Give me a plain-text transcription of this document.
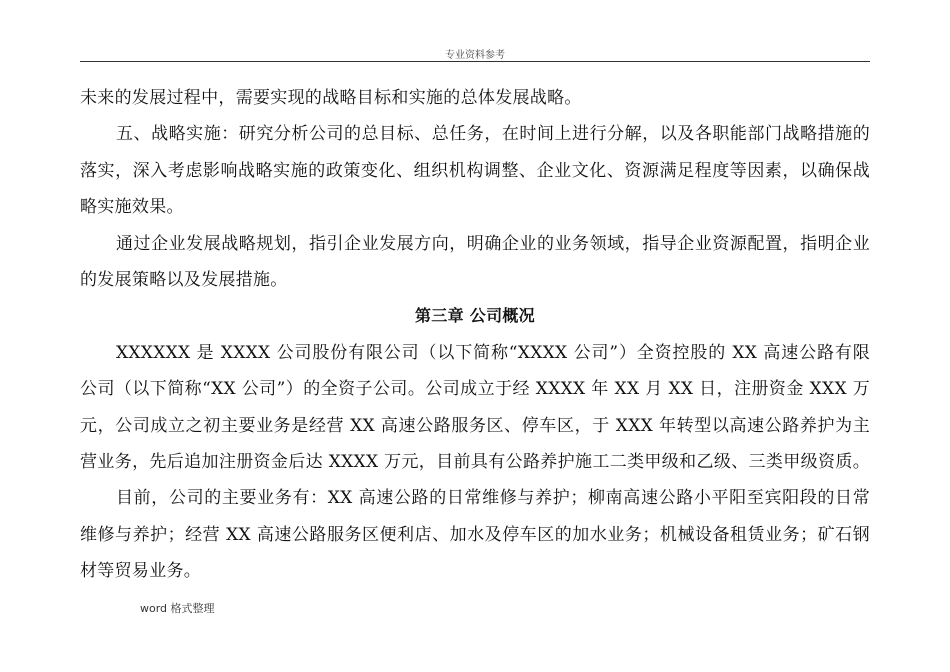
专业资料参考
未来的发展过程中，需要实现的战略目标和实施的总体发展战略。
五、战略实施：研究分析公司的总目标、总任务，在时间上进行分解，以及各职能部门战略措施的
落实，深入考虑影响战略实施的政策变化、组织机构调整、企业文化、资源满足程度等因素，以确保战
略实施效果。
通过企业发展战略规划，指引企业发展方向，明确企业的业务领域，指导企业资源配置，指明企业
的发展策略以及发展措施。
第三章 公司概况
XXXXXX 是 XXXX 公司股份有限公司（以下简称“XXXX 公司”）全资控股的 XX 高速公路有限
公司（以下简称“XX 公司”）的全资子公司。公司成立于经 XXXX 年 XX 月 XX 日，注册资金 XXX 万
元，公司成立之初主要业务是经营 XX 高速公路服务区、停车区，于 XXX 年转型以高速公路养护为主
营业务，先后追加注册资金后达 XXXX 万元，目前具有公路养护施工二类甲级和乙级、三类甲级资质。
目前，公司的主要业务有：XX 高速公路的日常维修与养护；柳南高速公路小平阳至宾阳段的日常
维修与养护；经营 XX 高速公路服务区便利店、加水及停车区的加水业务；机械设备租赁业务；矿石钢
材等贸易业务。
word 格式整理
